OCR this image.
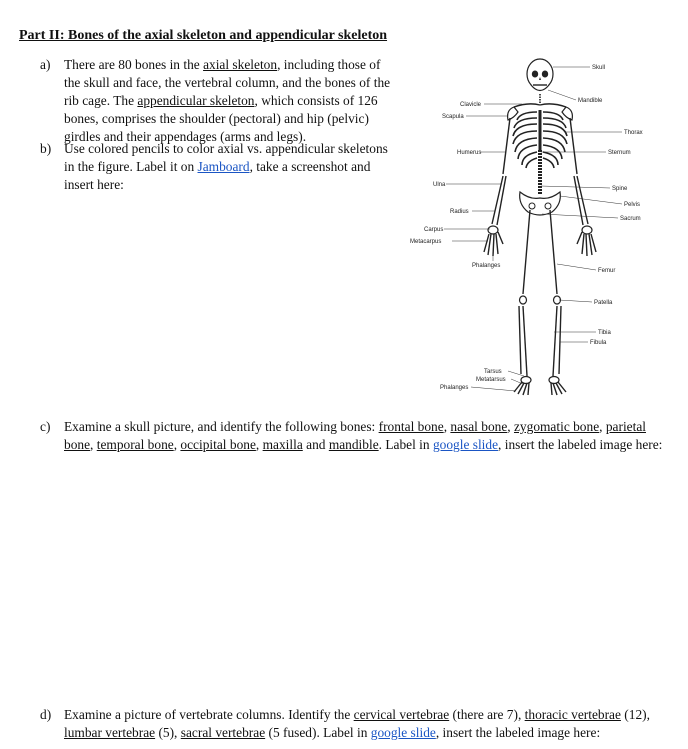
Part II: Bones of the axial skeleton and appendicular skeleton
a) There are 80 bones in the axial skeleton, including those of the skull and face, the vertebral column, and the bones of the rib cage. The appendicular skeleton, which consists of 126 bones, comprises the shoulder (pectoral) and hip (pelvic) girdles and their appendages (arms and legs).
b) Use colored pencils to color axial vs. appendicular skeletons in the figure. Label it on Jamboard, take a screenshot and insert here:
Skull
Clavicle
Mandible
Scapula
Thorax
Humerus	Sternum
Ulna
Spine
Pelvis
Radius
Sacrum
Carpus
Metacarpus
Phalanges
Femur
Patella
Tibia
Fibula
Tarsus
Metatarsus
Phalanges
c) Examine a skull picture, and identify the following bones: frontal bone, nasal bone, zygomatic bone, parietal bone, temporal bone, occipital bone, maxilla and mandible. Label in google slide, insert the labeled image here:
d) Examine a picture of vertebrate columns. Identify the cervical vertebrae (there are 7), thoracic vertebrae (12), lumbar vertebrae (5), sacral vertebrae (5 fused). Label in google slide, insert the labeled image here:
